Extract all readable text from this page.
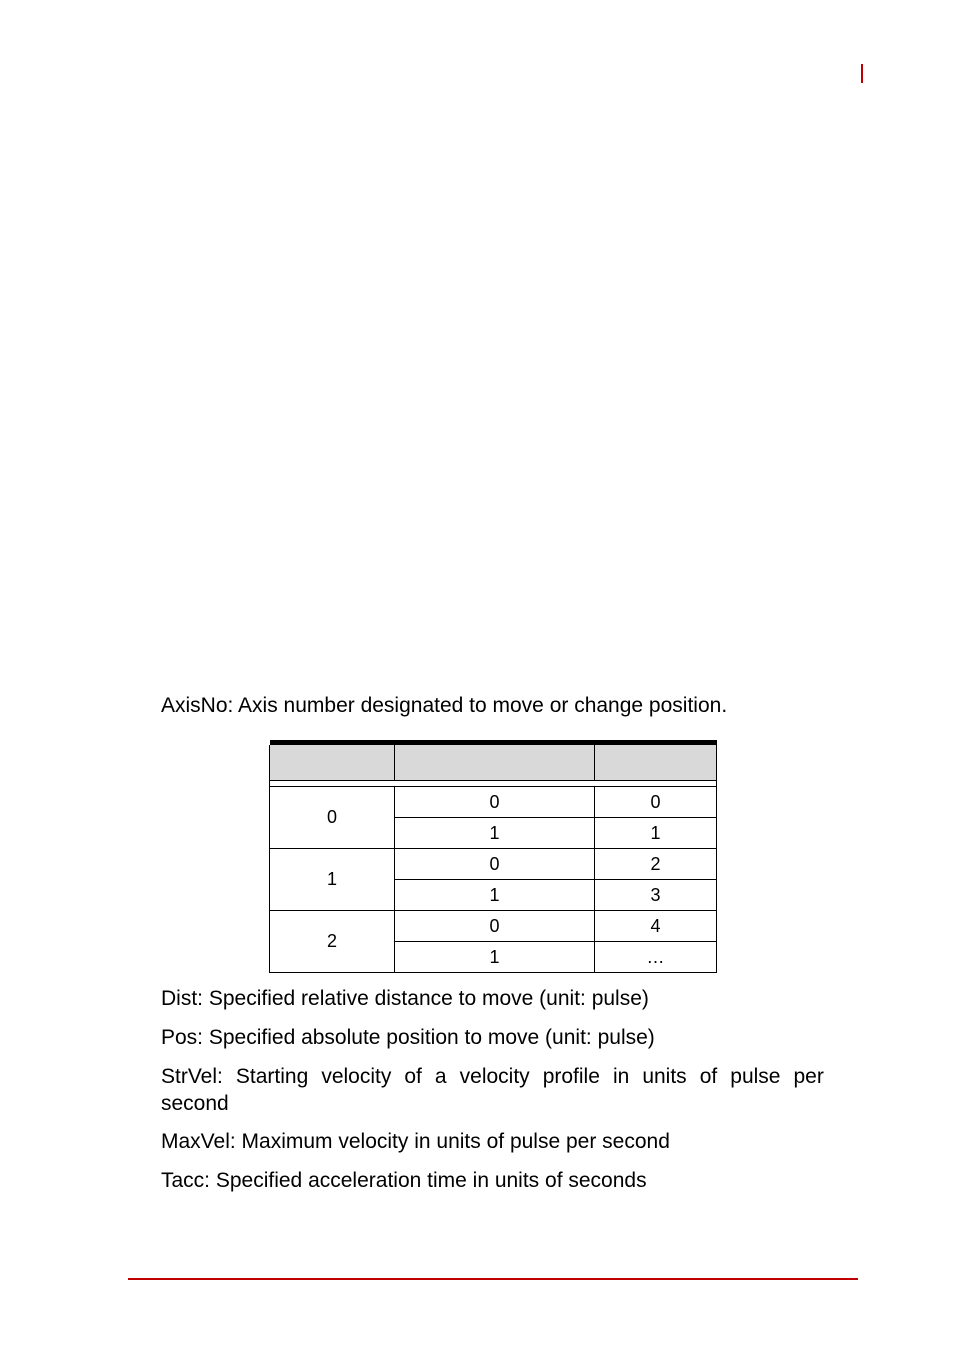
AxisNo: Axis number designated to move or change position.

0	0	0
	1	1
1	0	2
	1	3
2	0	4
	1	…

Dist: Specified relative distance to move (unit: pulse)

Pos: Specified absolute position to move (unit: pulse)

StrVel: Starting velocity of a velocity profile in units of pulse per
second

MaxVel: Maximum velocity in units of pulse per second

Tacc: Specified acceleration time in units of seconds
